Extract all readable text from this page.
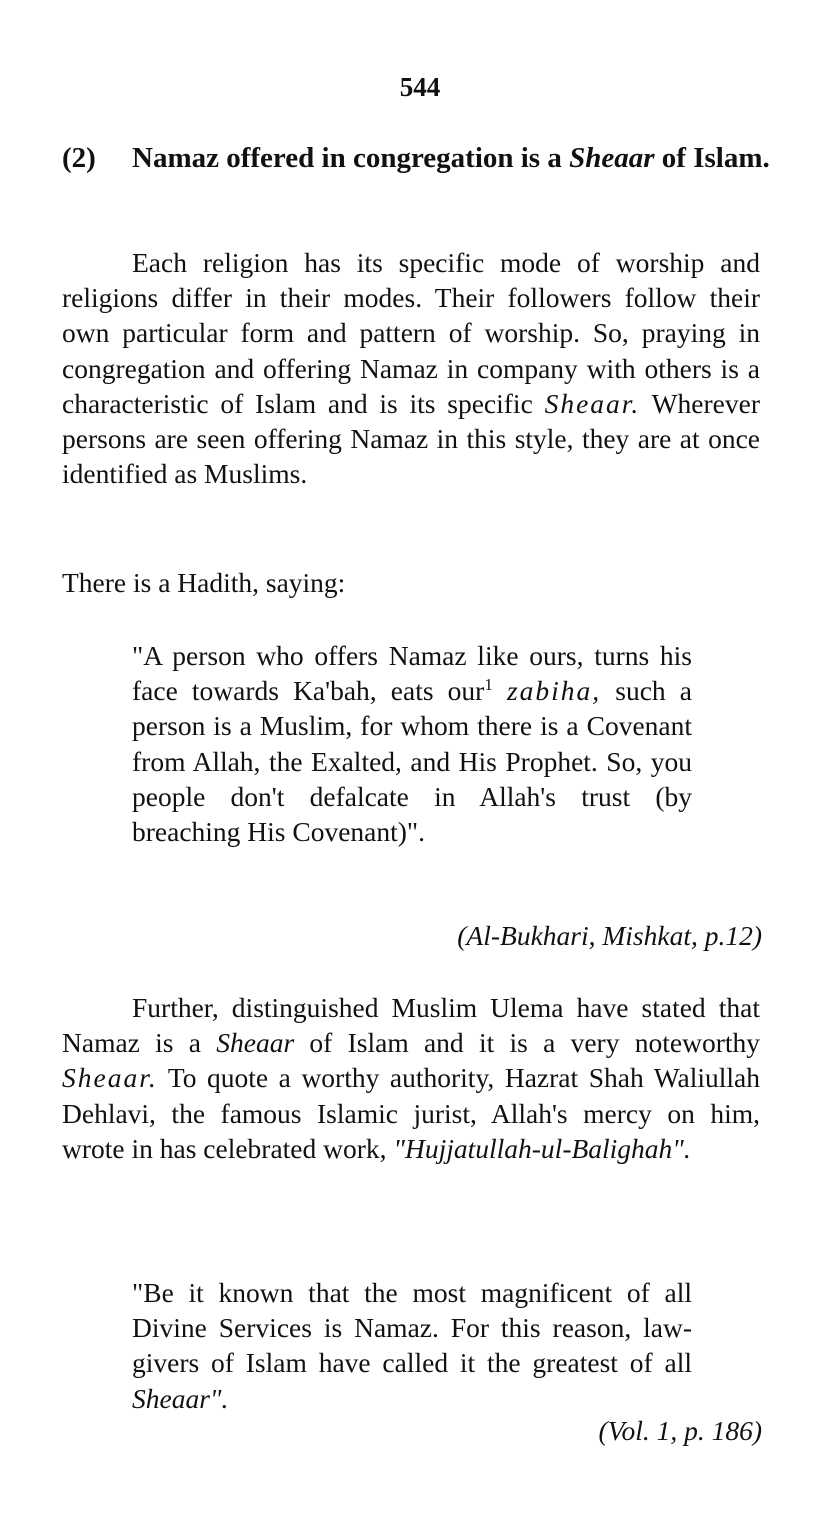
544
(2) Namaz offered in congregation is a Sheaar of Islam.

Each religion has its specific mode of worship and religions differ in their modes. Their followers follow their own particular form and pattern of worship. So, praying in congregation and offering Namaz in company with others is a characteristic of Islam and is its specific Sheaar. Wherever persons are seen offering Namaz in this style, they are at once identified as Muslims.

There is a Hadith, saying:

"A person who offers Namaz like ours, turns his face towards Ka'bah, eats our$^1$ zabiha, such a person is a Muslim, for whom there is a Covenant from Allah, the Exalted, and His Prophet. So, you people don't defalcate in Allah's trust (by breaching His Covenant)".

(Al-Bukhari, Mishkat, p.12)

Further, distinguished Muslim Ulema have stated that Namaz is a Sheaar of Islam and it is a very noteworthy Sheaar. To quote a worthy authority, Hazrat Shah Waliullah Dehlavi, the famous Islamic jurist, Allah's mercy on him, wrote in has celebrated work, "Hujjatullah-ul-Balighah".

"Be it known that the most magnificent of all Divine Services is Namaz. For this reason, law-givers of Islam have called it the greatest of all Sheaar".

(Vol. 1, p. 186)
